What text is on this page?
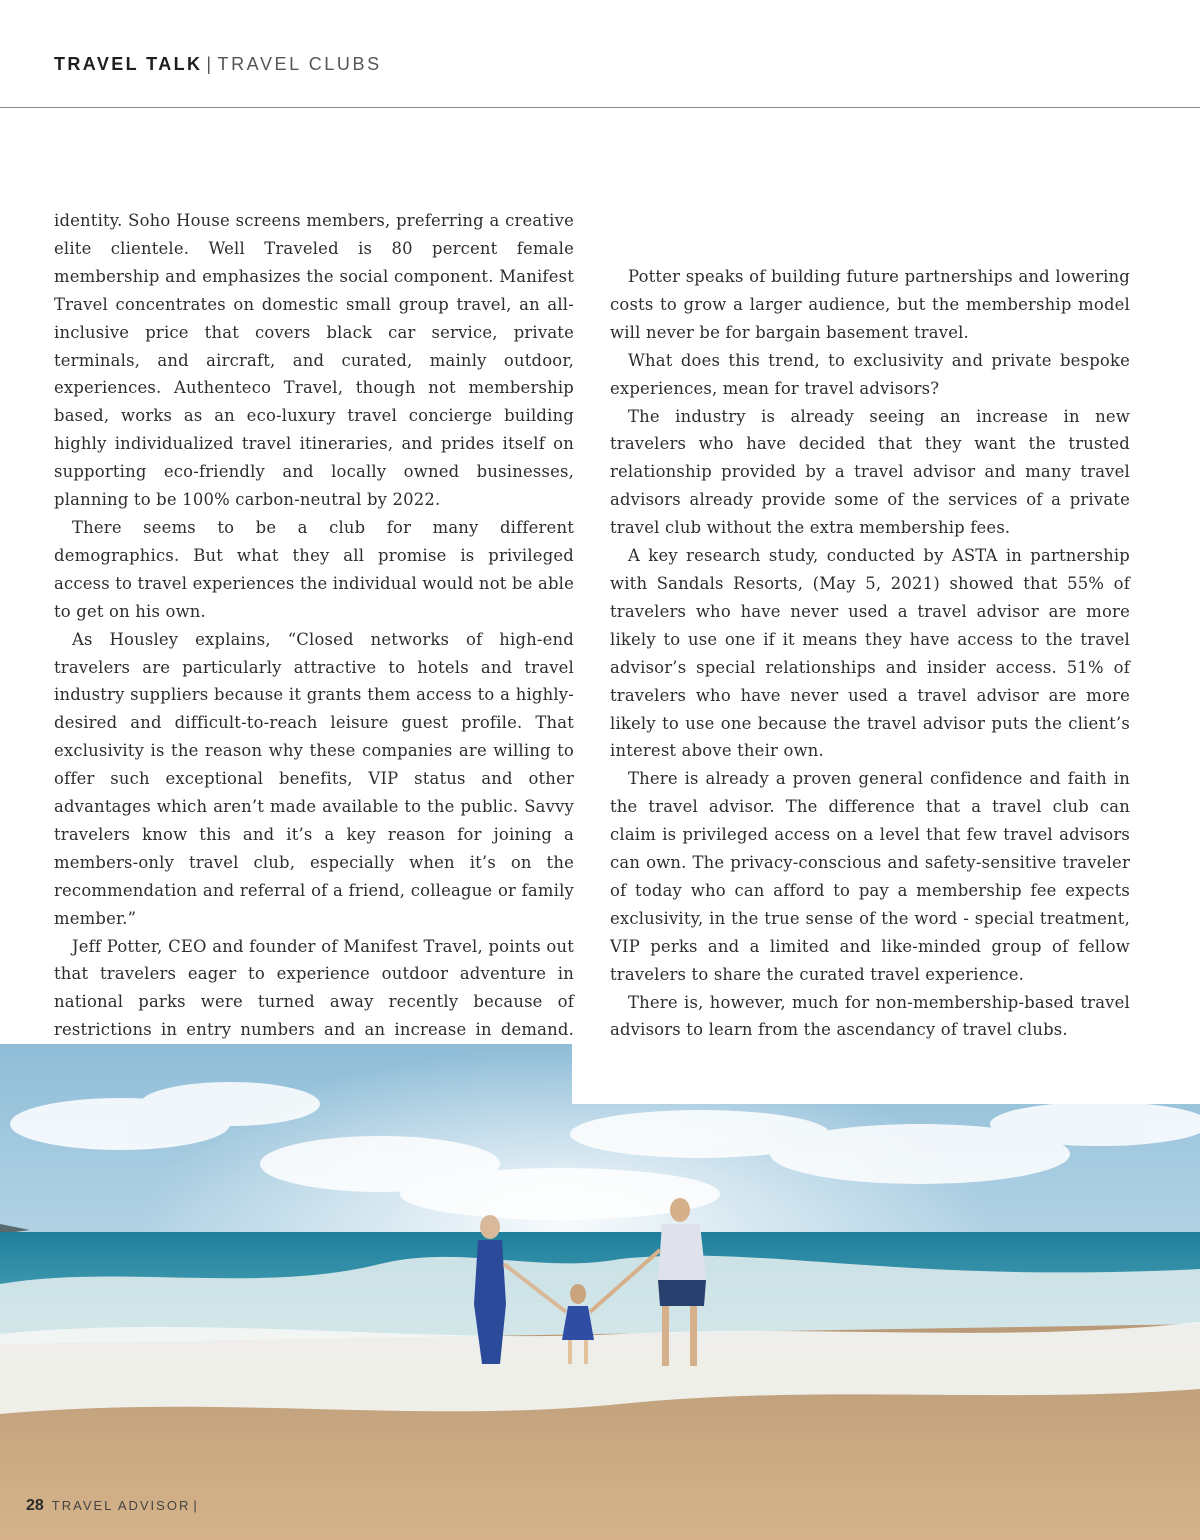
TRAVEL TALK | TRAVEL CLUBS

identity. Soho House screens members, preferring a creative elite clientele. Well Traveled is 80 percent female membership and emphasizes the social component. Manifest Travel concentrates on domestic small group travel, an all-inclusive price that covers black car service, private terminals, and aircraft, and curated, mainly outdoor, experiences. Authenteco Travel, though not membership based, works as an eco-luxury travel concierge building highly individualized travel itineraries, and prides itself on supporting eco-friendly and locally owned businesses, planning to be 100% carbon-neutral by 2022.

There seems to be a club for many different demographics. But what they all promise is privileged access to travel experiences the individual would not be able to get on his own.

As Housley explains, “Closed networks of high-end travelers are particularly attractive to hotels and travel industry suppliers because it grants them access to a highly-desired and difficult-to-reach leisure guest profile. That exclusivity is the reason why these companies are willing to offer such exceptional benefits, VIP status and other advantages which aren’t made available to the public. Savvy travelers know this and it’s a key reason for joining a members-only travel club, especially when it’s on the recommendation and referral of a friend, colleague or family member.”

Jeff Potter, CEO and founder of Manifest Travel, points out that travelers eager to experience outdoor adventure in national parks were turned away recently because of restrictions in entry numbers and an increase in demand.

Potter speaks of building future partnerships and lowering costs to grow a larger audience, but the membership model will never be for bargain basement travel.

What does this trend, to exclusivity and private bespoke experiences, mean for travel advisors?

The industry is already seeing an increase in new travelers who have decided that they want the trusted relationship provided by a travel advisor and many travel advisors already provide some of the services of a private travel club without the extra membership fees.

A key research study, conducted by ASTA in partnership with Sandals Resorts, (May 5, 2021) showed that 55% of travelers who have never used a travel advisor are more likely to use one if it means they have access to the travel advisor’s special relationships and insider access. 51% of travelers who have never used a travel advisor are more likely to use one because the travel advisor puts the client’s interest above their own.

There is already a proven general confidence and faith in the travel advisor. The difference that a travel club can claim is privileged access on a level that few travel advisors can own. The privacy-conscious and safety-sensitive traveler of today who can afford to pay a membership fee expects exclusivity, in the true sense of the word - special treatment, VIP perks and a limited and like-minded group of fellow travelers to share the curated travel experience.

There is, however, much for non-membership-based travel advisors to learn from the ascendancy of travel clubs.

28 TRAVEL ADVISOR |
